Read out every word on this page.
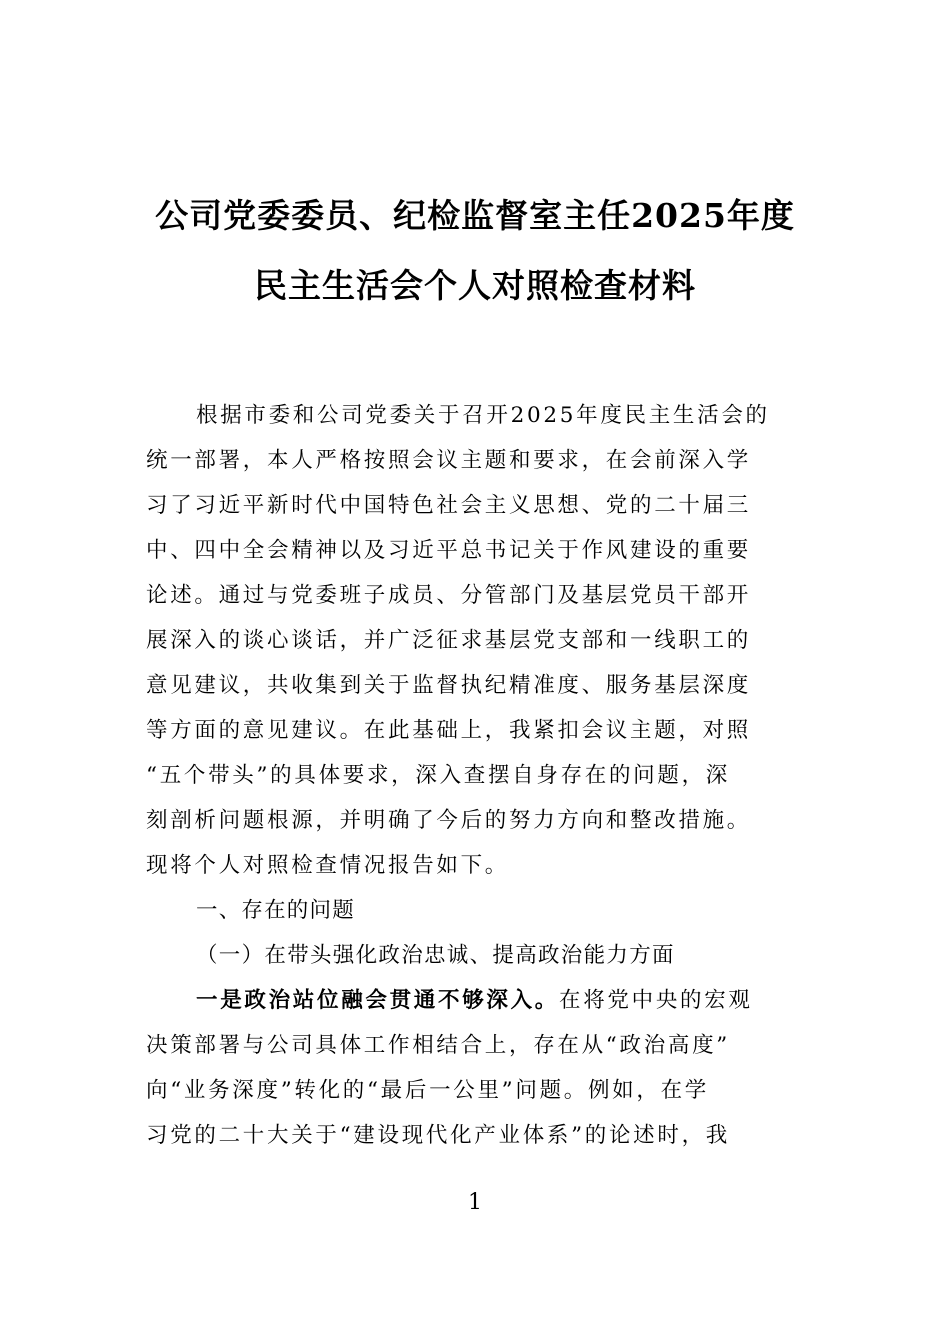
公司党委委员、纪检监督室主任2025年度
民主生活会个人对照检查材料
根据市委和公司党委关于召开2025年度民主生活会的
统一部署，本人严格按照会议主题和要求，在会前深入学
习了习近平新时代中国特色社会主义思想、党的二十届三
中、四中全会精神以及习近平总书记关于作风建设的重要
论述。通过与党委班子成员、分管部门及基层党员干部开
展深入的谈心谈话，并广泛征求基层党支部和一线职工的
意见建议，共收集到关于监督执纪精准度、服务基层深度
等方面的意见建议。在此基础上，我紧扣会议主题，对照
“五个带头”的具体要求，深入查摆自身存在的问题，深
刻剖析问题根源，并明确了今后的努力方向和整改措施。
现将个人对照检查情况报告如下。
一、存在的问题
（一）在带头强化政治忠诚、提高政治能力方面
一是政治站位融会贯通不够深入。在将党中央的宏观
决策部署与公司具体工作相结合上，存在从“政治高度”
向“业务深度”转化的“最后一公里”问题。例如，在学
习党的二十大关于“建设现代化产业体系”的论述时，我
1
